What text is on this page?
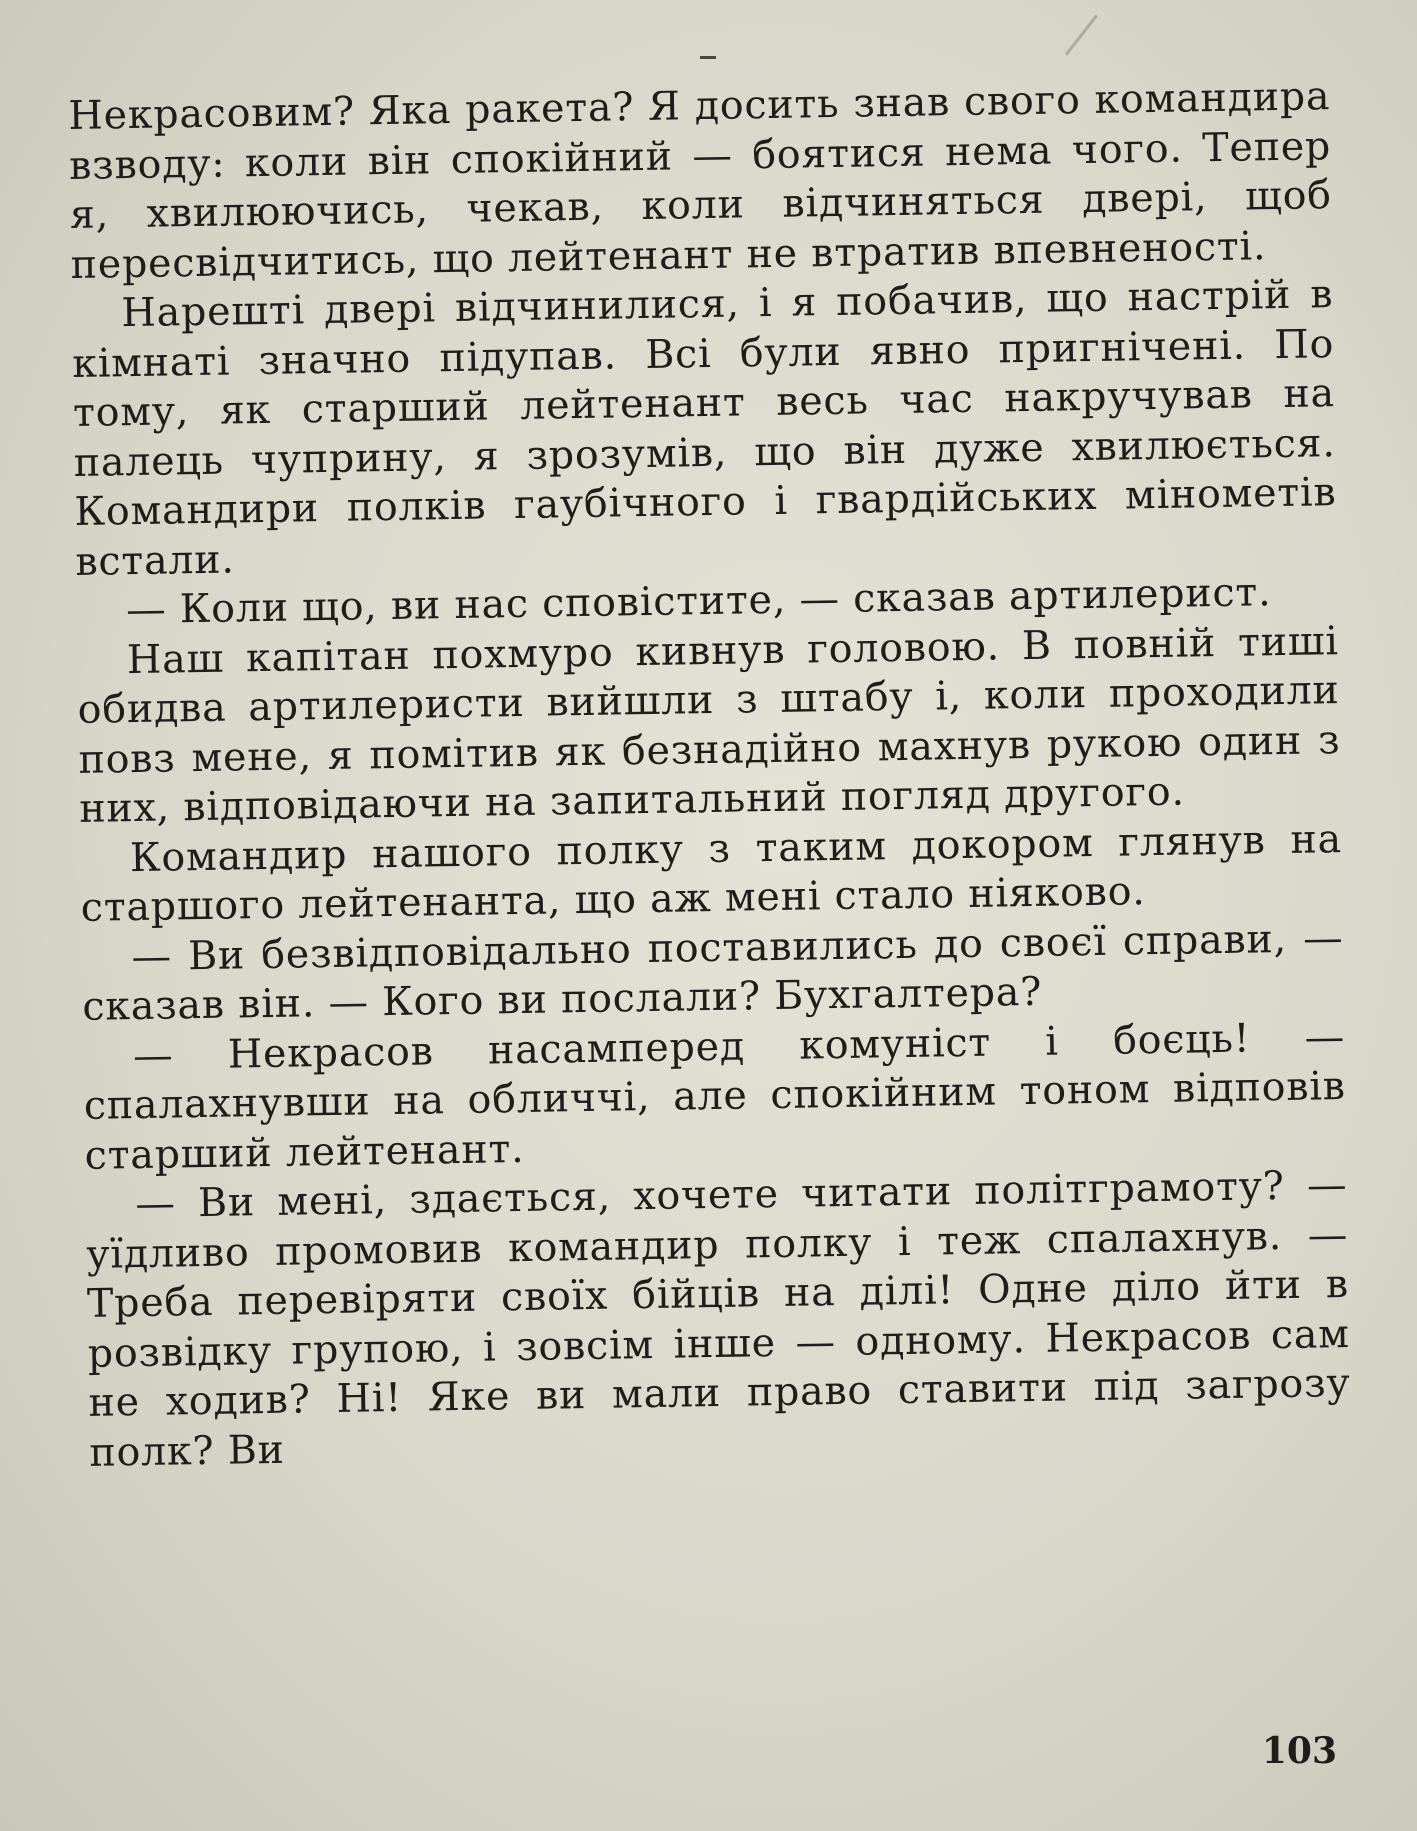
Некрасовим? Яка ракета? Я досить знав свого командира взводу: коли він спокійний — боятися нема чого. Тепер я, хвилюючись, чекав, коли відчиняться двері, щоб пересвідчитись, що лейтенант не втратив впевненості.

Нарешті двері відчинилися, і я побачив, що настрій в кімнаті значно підупав. Всі були явно пригнічені. По тому, як старший лейтенант весь час накручував на палець чуприну, я зрозумів, що він дуже хвилюється. Командири полків гаубічного і гвардійських мінометів встали.

— Коли що, ви нас сповістите, — сказав артилерист.

Наш капітан похмуро кивнув головою. В повній тиші обидва артилеристи вийшли з штабу і, коли проходили повз мене, я помітив як безнадійно махнув рукою один з них, відповідаючи на запитальний погляд другого.

Командир нашого полку з таким докором глянув на старшого лейтенанта, що аж мені стало ніяково.

— Ви безвідповідально поставились до своєї справи, — сказав він. — Кого ви послали? Бухгалтера?

— Некрасов насамперед комуніст і боєць! — спалахнувши на обличчі, але спокійним тоном відповів старший лейтенант.

— Ви мені, здається, хочете читати політграмоту? — уїдливо промовив командир полку і теж спалахнув. — Треба перевіряти своїх бійців на ділі! Одне діло йти в розвідку групою, і зовсім інше — одному. Некрасов сам не ходив? Ні! Яке ви мали право ставити під загрозу полк? Ви

103
